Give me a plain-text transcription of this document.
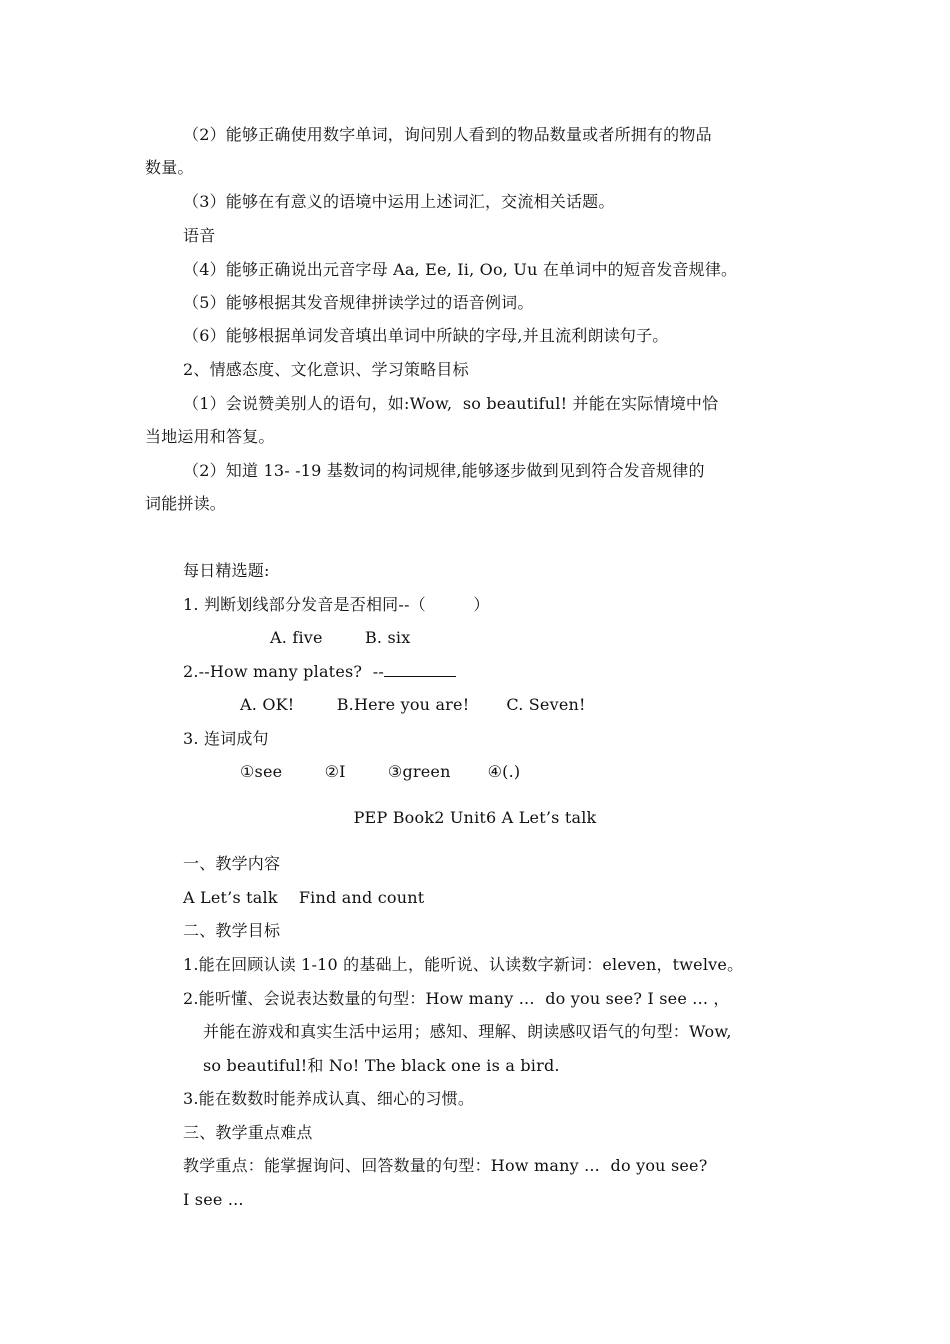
（2）能够正确使用数字单词，询问别人看到的物品数量或者所拥有的物品
数量。
（3）能够在有意义的语境中运用上述词汇，交流相关话题。
语音
（4）能够正确说出元音字母 Aa, Ee, Ii, Oo, Uu 在单词中的短音发音规律。
（5）能够根据其发音规律拼读学过的语音例词。
（6）能够根据单词发音填出单词中所缺的字母,并且流利朗读句子。
2、情感态度、文化意识、学习策略目标
（1）会说赞美别人的语句，如:Wow,  so beautiful! 并能在实际情境中恰
当地运用和答复。
（2）知道 13- -19 基数词的构词规律,能够逐步做到见到符合发音规律的
词能拼读。
每日精选题:
1. 判断划线部分发音是否相同--（         ）
A. five        B. six
2.--How many plates?  --
A. OK!        B.Here you are!       C. Seven!
3. 连词成句
①see        ②I        ③green       ④(.)
PEP Book2 Unit6 A Let’s talk
一、教学内容
A Let’s talk    Find and count
二、教学目标
1.能在回顾认读 1-10 的基础上，能听说、认读数字新词：eleven，twelve。
2.能听懂、会说表达数量的句型：How many ...  do you see? I see ... ，
并能在游戏和真实生活中运用；感知、理解、朗读感叹语气的句型：Wow,
so beautiful!和 No! The black one is a bird.
3.能在数数时能养成认真、细心的习惯。
三、教学重点难点
教学重点：能掌握询问、回答数量的句型：How many ...  do you see?
I see ...
